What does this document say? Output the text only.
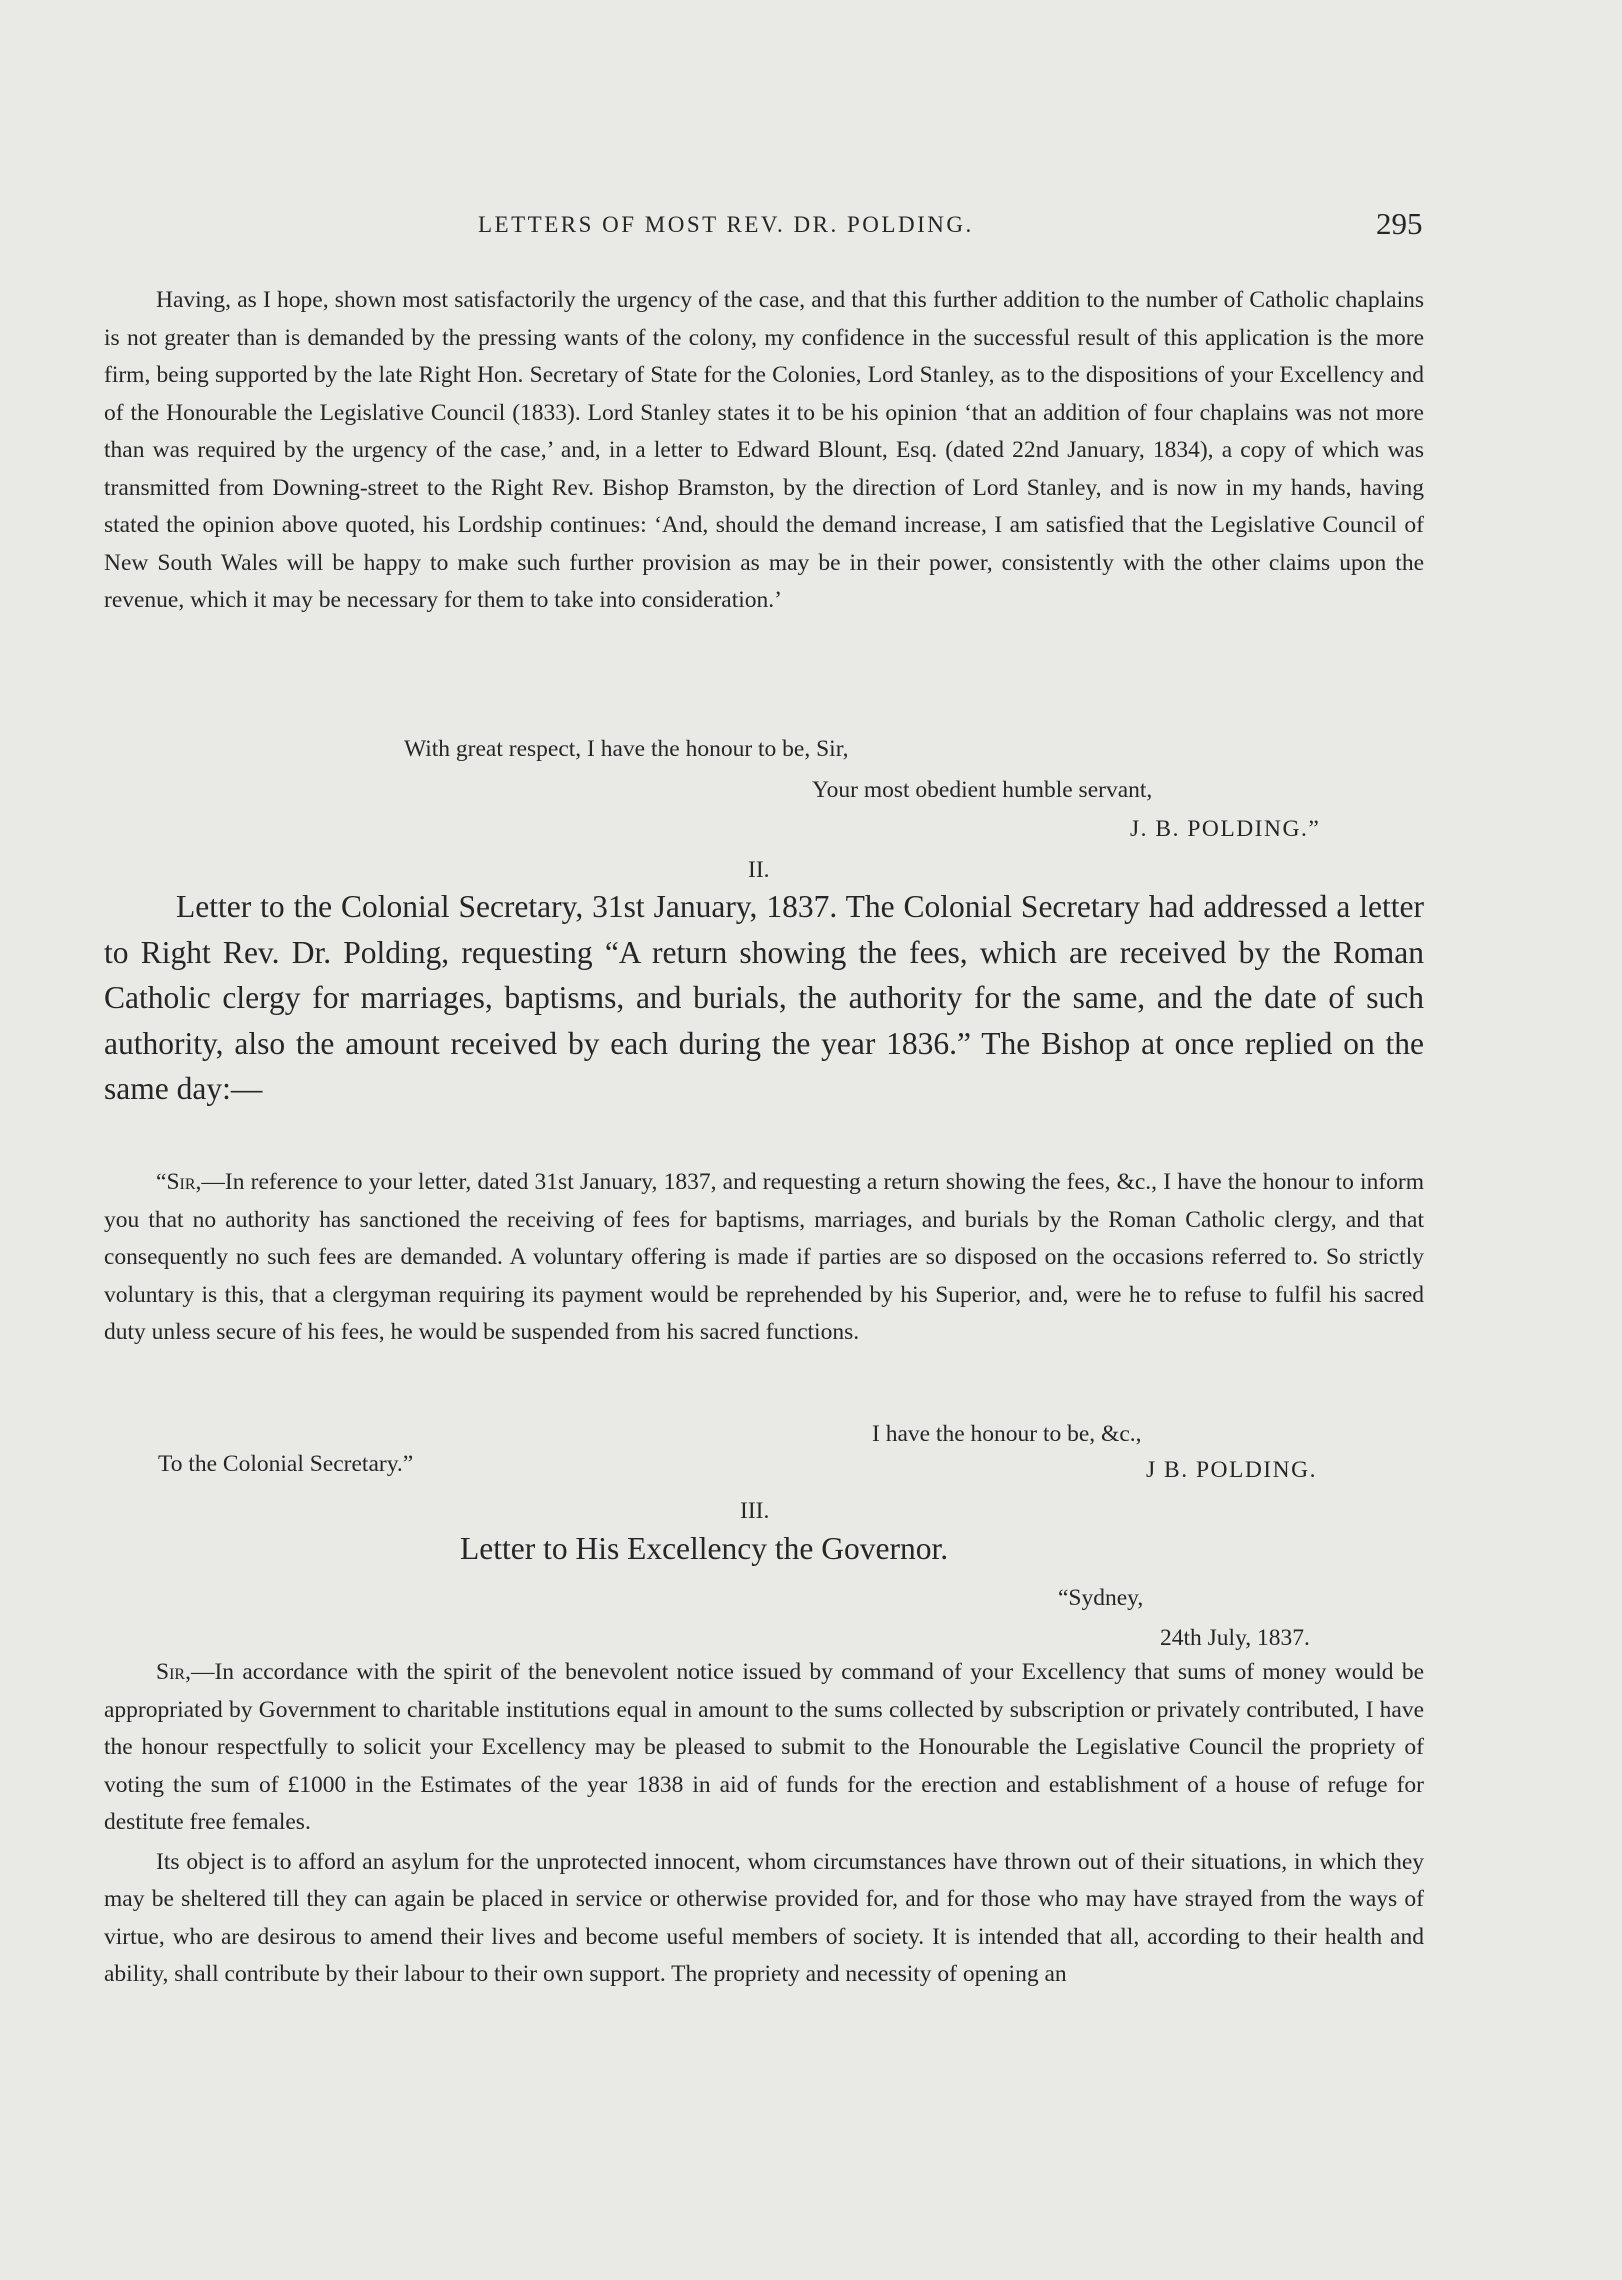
LETTERS OF MOST REV. DR. POLDING.	295

Having, as I hope, shown most satisfactorily the urgency of the case, and that this further addition to the number of Catholic chaplains is not greater than is demanded by the pressing wants of the colony, my confidence in the successful result of this application is the more firm, being supported by the late Right Hon. Secretary of State for the Colonies, Lord Stanley, as to the dispositions of your Excellency and of the Honourable the Legislative Council (1833). Lord Stanley states it to be his opinion ‘that an addition of four chaplains was not more than was required by the urgency of the case,’ and, in a letter to Edward Blount, Esq. (dated 22nd January, 1834), a copy of which was transmitted from Downing-street to the Right Rev. Bishop Bramston, by the direction of Lord Stanley, and is now in my hands, having stated the opinion above quoted, his Lordship continues: ‘And, should the demand increase, I am satisfied that the Legislative Council of New South Wales will be happy to make such further provision as may be in their power, consistently with the other claims upon the revenue, which it may be necessary for them to take into consideration.’

With great respect, I have the honour to be, Sir,
Your most obedient humble servant,
J. B. POLDING.”
II.

Letter to the Colonial Secretary, 31st January, 1837. The Colonial Secretary had addressed a letter to Right Rev. Dr. Polding, requesting “A return showing the fees, which are received by the Roman Catholic clergy for marriages, baptisms, and burials, the authority for the same, and the date of such authority, also the amount received by each during the year 1836.” The Bishop at once replied on the same day:—

“Sir,—In reference to your letter, dated 31st January, 1837, and requesting a return showing the fees, &c., I have the honour to inform you that no authority has sanctioned the receiving of fees for baptisms, marriages, and burials by the Roman Catholic clergy, and that consequently no such fees are demanded. A voluntary offering is made if parties are so disposed on the occasions referred to. So strictly voluntary is this, that a clergyman requiring its payment would be reprehended by his Superior, and, were he to refuse to fulfil his sacred duty unless secure of his fees, he would be suspended from his sacred functions.

I have the honour to be, &c.,
To the Colonial Secretary.”	J B. POLDING.
III.
Letter to His Excellency the Governor.
“Sydney,
24th July, 1837.

Sir,—In accordance with the spirit of the benevolent notice issued by command of your Excellency that sums of money would be appropriated by Government to charitable institutions equal in amount to the sums collected by subscription or privately contributed, I have the honour respectfully to solicit your Excellency may be pleased to submit to the Honourable the Legislative Council the propriety of voting the sum of £1000 in the Estimates of the year 1838 in aid of funds for the erection and establishment of a house of refuge for destitute free females.

Its object is to afford an asylum for the unprotected innocent, whom circumstances have thrown out of their situations, in which they may be sheltered till they can again be placed in service or otherwise provided for, and for those who may have strayed from the ways of virtue, who are desirous to amend their lives and become useful members of society. It is intended that all, according to their health and ability, shall contribute by their labour to their own support. The propriety and necessity of opening an
